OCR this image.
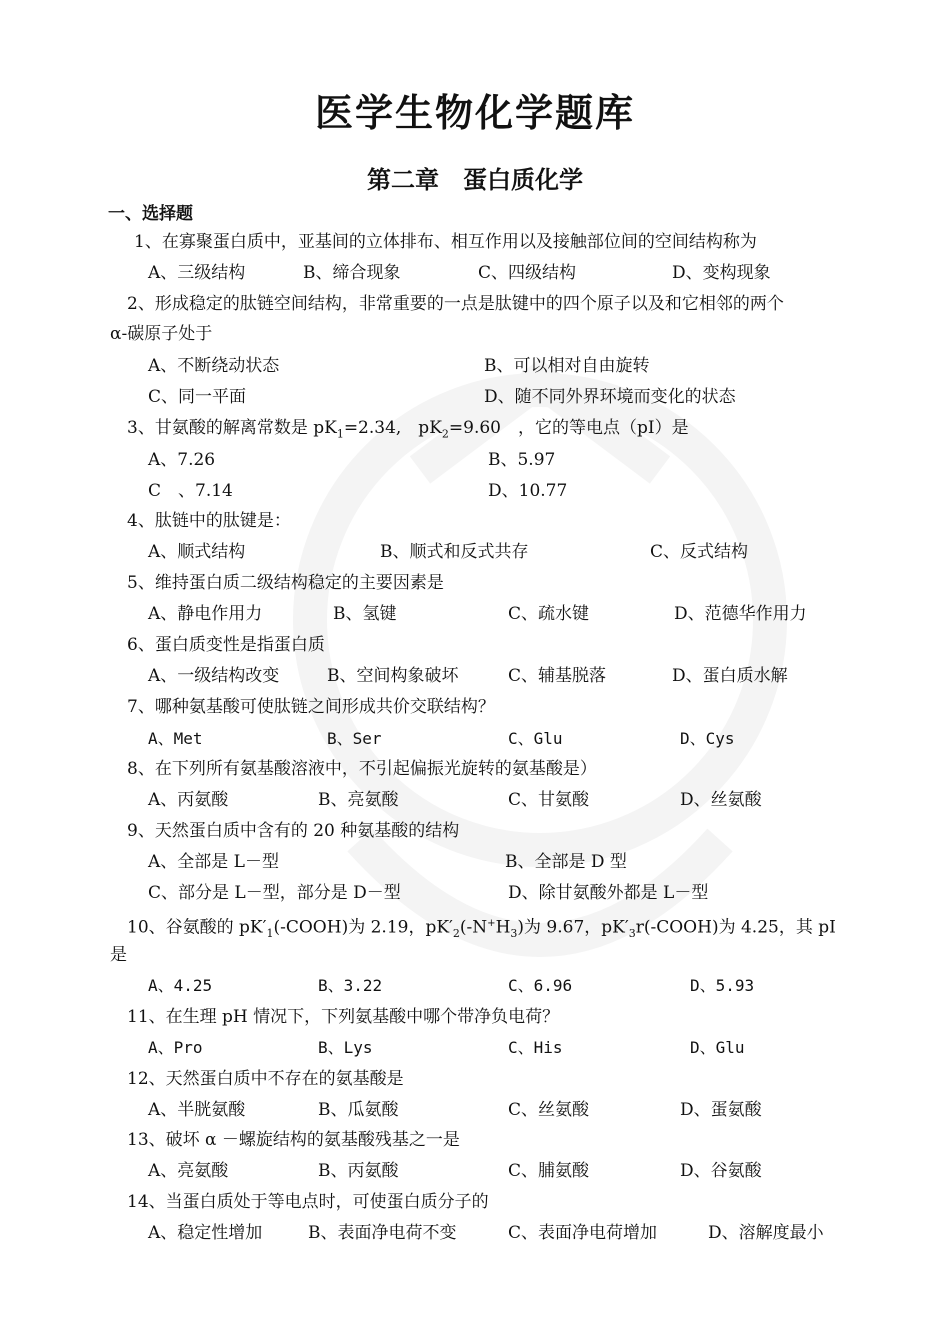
医学生物化学题库
第二章　蛋白质化学
一、选择题
1、在寡聚蛋白质中，亚基间的立体排布、相互作用以及接触部位间的空间结构称为
A、三级结构	B、缔合现象	C、四级结构	D、变构现象
2、形成稳定的肽链空间结构，非常重要的一点是肽键中的四个原子以及和它相邻的两个
α-碳原子处于
A、不断绕动状态	B、可以相对自由旋转
C、同一平面	D、随不同外界环境而变化的状态
3、甘氨酸的解离常数是 $pK_1=2.34$,　$pK_2=9.60$　，它的等电点（pI）是
A、7.26	B、5.97
C　、7.14	D、10.77
4、肽链中的肽键是：
A、顺式结构	B、顺式和反式共存	C、反式结构
5、维持蛋白质二级结构稳定的主要因素是
A、静电作用力	B、氢键	C、疏水键	D、范德华作用力
6、蛋白质变性是指蛋白质
A、一级结构改变	B、空间构象破坏	C、辅基脱落	D、蛋白质水解
7、哪种氨基酸可使肽链之间形成共价交联结构？
A、Met	B、Ser	C、Glu	D、Cys
8、在下列所有氨基酸溶液中，不引起偏振光旋转的氨基酸是）
A、丙氨酸	B、亮氨酸	C、甘氨酸	D、丝氨酸
9、天然蛋白质中含有的 20 种氨基酸的结构
A、全部是 L－型	B、全部是 D 型
C、部分是 L－型，部分是 D－型	D、除甘氨酸外都是 L－型
10、谷氨酸的 $pK'_1(-COOH)$为 2.19，$pK'_2(-N^+H_3)$为 9.67，$pK'_3r(-COOH)$为 4.25，其 pI
是
A、4.25	B、3.22	C、6.96	D、5.93
11、在生理 pH 情况下，下列氨基酸中哪个带净负电荷？
A、Pro	B、Lys	C、His	D、Glu
12、天然蛋白质中不存在的氨基酸是
A、半胱氨酸	B、瓜氨酸	C、丝氨酸	D、蛋氨酸
13、破坏 α －螺旋结构的氨基酸残基之一是
A、亮氨酸	B、丙氨酸	C、脯氨酸	D、谷氨酸
14、当蛋白质处于等电点时，可使蛋白质分子的
A、稳定性增加	B、表面净电荷不变	C、表面净电荷增加	D、溶解度最小
